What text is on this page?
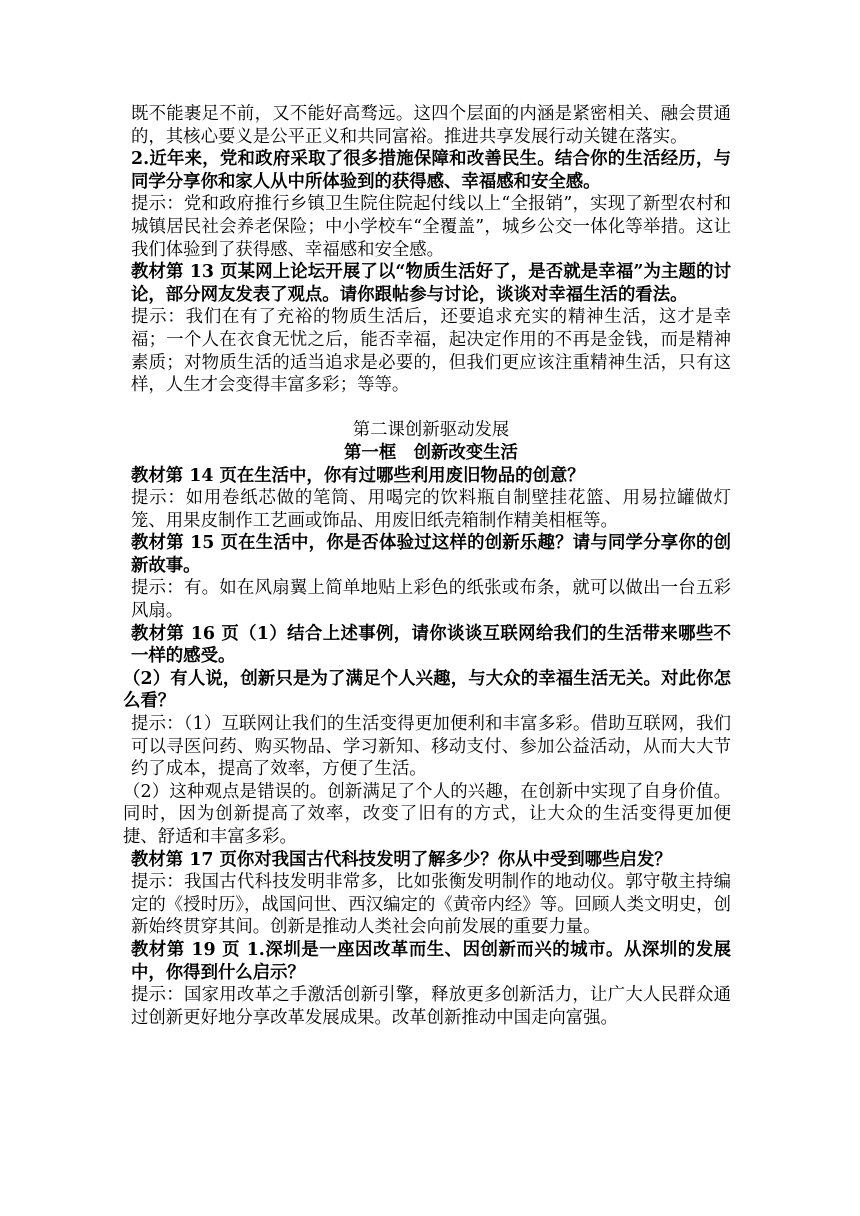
既不能裹足不前，又不能好高骛远。这四个层面的内涵是紧密相关、融会贯通的，其核心要义是公平正义和共同富裕。推进共享发展行动关键在落实。

2.近年来，党和政府采取了很多措施保障和改善民生。结合你的生活经历，与同学分享你和家人从中所体验到的获得感、幸福感和安全感。

提示：党和政府推行乡镇卫生院住院起付线以上“全报销”，实现了新型农村和城镇居民社会养老保险；中小学校车“全覆盖”，城乡公交一体化等举措。这让我们体验到了获得感、幸福感和安全感。

教材第 13 页某网上论坛开展了以“物质生活好了，是否就是幸福”为主题的讨论，部分网友发表了观点。请你跟帖参与讨论，谈谈对幸福生活的看法。

提示：我们在有了充裕的物质生活后，还要追求充实的精神生活，这才是幸福；一个人在衣食无忧之后，能否幸福，起决定作用的不再是金钱，而是精神素质；对物质生活的适当追求是必要的，但我们更应该注重精神生活，只有这样，人生才会变得丰富多彩；等等。

第二课创新驱动发展

第一框　创新改变生活

教材第 14 页在生活中，你有过哪些利用废旧物品的创意？

提示：如用卷纸芯做的笔筒、用喝完的饮料瓶自制壁挂花篮、用易拉罐做灯笼、用果皮制作工艺画或饰品、用废旧纸壳箱制作精美相框等。

教材第 15 页在生活中，你是否体验过这样的创新乐趣？请与同学分享你的创新故事。

提示：有。如在风扇翼上简单地贴上彩色的纸张或布条，就可以做出一台五彩风扇。

教材第 16 页（1）结合上述事例，请你谈谈互联网给我们的生活带来哪些不一样的感受。

（2）有人说，创新只是为了满足个人兴趣，与大众的幸福生活无关。对此你怎么看？

提示：（1）互联网让我们的生活变得更加便利和丰富多彩。借助互联网，我们可以寻医问药、购买物品、学习新知、移动支付、参加公益活动，从而大大节约了成本，提高了效率，方便了生活。

（2）这种观点是错误的。创新满足了个人的兴趣，在创新中实现了自身价值。同时，因为创新提高了效率，改变了旧有的方式，让大众的生活变得更加便捷、舒适和丰富多彩。

教材第 17 页你对我国古代科技发明了解多少？你从中受到哪些启发？

提示：我国古代科技发明非常多，比如张衡发明制作的地动仪。郭守敬主持编定的《授时历》，战国问世、西汉编定的《黄帝内经》等。回顾人类文明史，创新始终贯穿其间。创新是推动人类社会向前发展的重要力量。

教材第 19 页 1.深圳是一座因改革而生、因创新而兴的城市。从深圳的发展中，你得到什么启示？

提示：国家用改革之手激活创新引擎，释放更多创新活力，让广大人民群众通过创新更好地分享改革发展成果。改革创新推动中国走向富强。
